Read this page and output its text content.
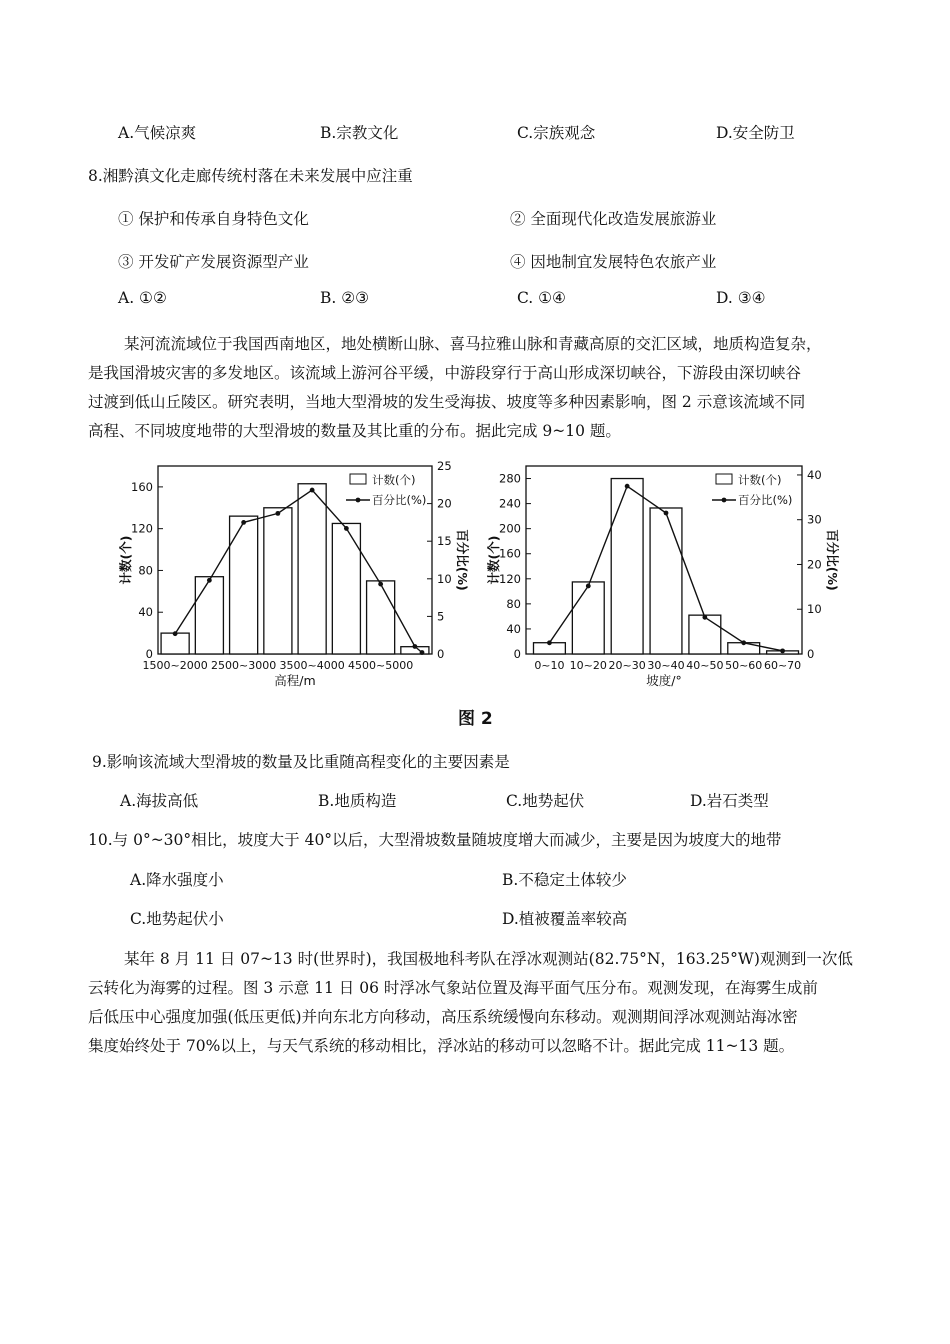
A.气候凉爽	B.宗教文化	C.宗族观念	D.安全防卫
8.湘黔滇文化走廊传统村落在未来发展中应注重
① 保护和传承自身特色文化	② 全面现代化改造发展旅游业
③ 开发矿产发展资源型产业	④ 因地制宜发展特色农旅产业
A. ①②	B. ②③	C. ①④	D. ③④
某河流流域位于我国西南地区，地处横断山脉、喜马拉雅山脉和青藏高原的交汇区域，地质构造复杂，
是我国滑坡灾害的多发地区。该流域上游河谷平缓，中游段穿行于高山形成深切峡谷，下游段由深切峡谷
过渡到低山丘陵区。研究表明，当地大型滑坡的发生受海拔、坡度等多种因素影响，图 2 示意该流域不同
高程、不同坡度地带的大型滑坡的数量及其比重的分布。据此完成 9~10 题。
0
40
80
120
160
0
5
10
15
20
25
1500~2000 2500~3000 3500~4000 4500~5000
计数(个)
百分比(%)
计数(个)	百分比(%)
高程/m
0
40
80
120
160
200
240
280
0
10
20
30
40
0~10 10~20 20~30 30~40 40~50 50~60 60~70
计数(个)
百分比(%)
计数(个)	百分比(%)
坡度/°
图 2
9.影响该流域大型滑坡的数量及比重随高程变化的主要因素是
A.海拔高低	B.地质构造	C.地势起伏	D.岩石类型
10.与 0°~30°相比，坡度大于 40°以后，大型滑坡数量随坡度增大而减少，主要是因为坡度大的地带
A.降水强度小	B.不稳定土体较少
C.地势起伏小	D.植被覆盖率较高
某年 8 月 11 日 07~13 时(世界时)，我国极地科考队在浮冰观测站(82.75°N，163.25°W)观测到一次低
云转化为海雾的过程。图 3 示意 11 日 06 时浮冰气象站位置及海平面气压分布。观测发现，在海雾生成前
后低压中心强度加强(低压更低)并向东北方向移动，高压系统缓慢向东移动。观测期间浮冰观测站海冰密
集度始终处于 70%以上，与天气系统的移动相比，浮冰站的移动可以忽略不计。据此完成 11~13 题。
